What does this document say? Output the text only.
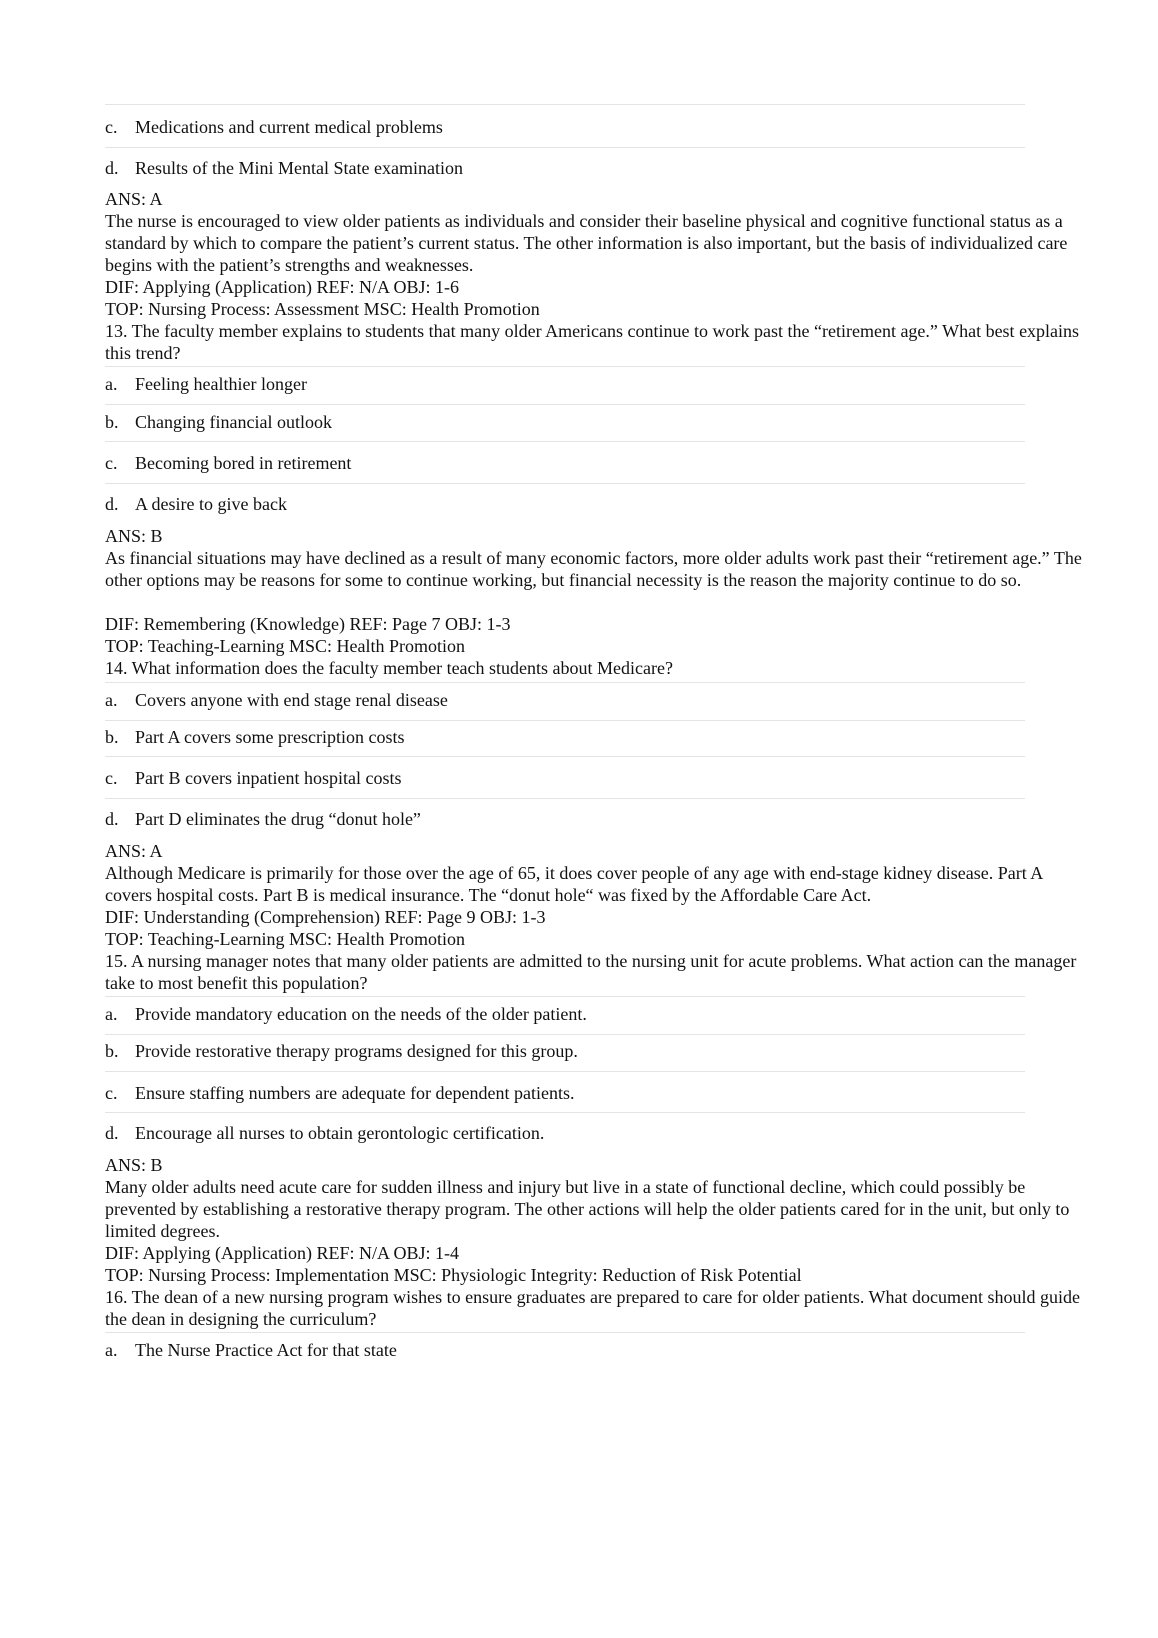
c. Medications and current medical problems
d. Results of the Mini Mental State examination
ANS: A
The nurse is encouraged to view older patients as individuals and consider their baseline physical and cognitive functional status as a standard by which to compare the patient’s current status. The other information is also important, but the basis of individualized care begins with the patient’s strengths and weaknesses.
DIF: Applying (Application) REF: N/A OBJ: 1-6
TOP: Nursing Process: Assessment MSC: Health Promotion
13. The faculty member explains to students that many older Americans continue to work past the “retirement age.” What best explains this trend?
a. Feeling healthier longer
b. Changing financial outlook
c. Becoming bored in retirement
d. A desire to give back
ANS: B
As financial situations may have declined as a result of many economic factors, more older adults work past their “retirement age.” The other options may be reasons for some to continue working, but financial necessity is the reason the majority continue to do so.
DIF: Remembering (Knowledge) REF: Page 7 OBJ: 1-3
TOP: Teaching-Learning MSC: Health Promotion
14. What information does the faculty member teach students about Medicare?
a. Covers anyone with end stage renal disease
b. Part A covers some prescription costs
c. Part B covers inpatient hospital costs
d. Part D eliminates the drug “donut hole”
ANS: A
Although Medicare is primarily for those over the age of 65, it does cover people of any age with end-stage kidney disease. Part A covers hospital costs. Part B is medical insurance. The “donut hole“ was fixed by the Affordable Care Act.
DIF: Understanding (Comprehension) REF: Page 9 OBJ: 1-3
TOP: Teaching-Learning MSC: Health Promotion
15. A nursing manager notes that many older patients are admitted to the nursing unit for acute problems. What action can the manager take to most benefit this population?
a. Provide mandatory education on the needs of the older patient.
b. Provide restorative therapy programs designed for this group.
c. Ensure staffing numbers are adequate for dependent patients.
d. Encourage all nurses to obtain gerontologic certification.
ANS: B
Many older adults need acute care for sudden illness and injury but live in a state of functional decline, which could possibly be prevented by establishing a restorative therapy program. The other actions will help the older patients cared for in the unit, but only to limited degrees.
DIF: Applying (Application) REF: N/A OBJ: 1-4
TOP: Nursing Process: Implementation MSC: Physiologic Integrity: Reduction of Risk Potential
16. The dean of a new nursing program wishes to ensure graduates are prepared to care for older patients. What document should guide the dean in designing the curriculum?
a. The Nurse Practice Act for that state
